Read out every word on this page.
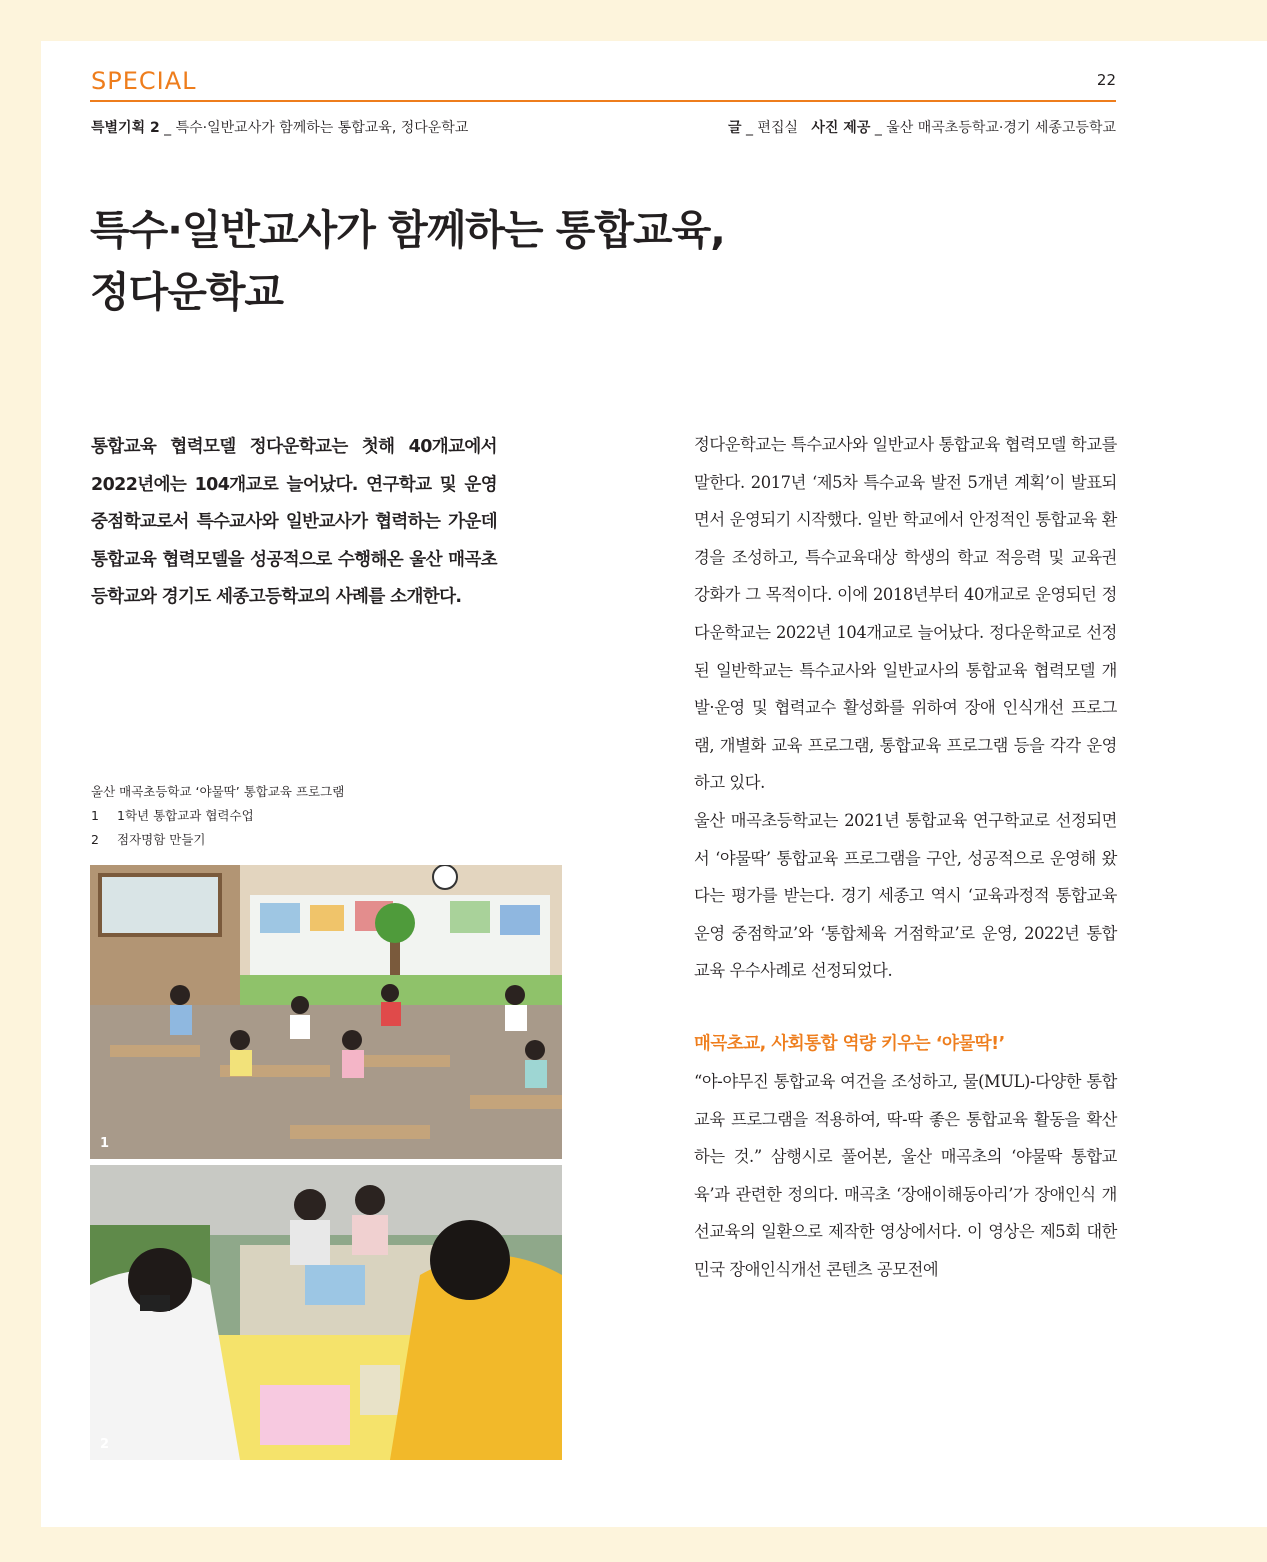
SPECIAL	22
특별기획 2 _ 특수·일반교사가 함께하는 통합교육, 정다운학교	글 _ 편집실 사진 제공 _ 울산 매곡초등학교·경기 세종고등학교
특수·일반교사가 함께하는 통합교육,
정다운학교

통합교육 협력모델 정다운학교는 첫해 40개교에서 2022년에는 104개교로 늘어났다. 연구학교 및 운영 중점학교로서 특수교사와 일반교사가 협력하는 가운데 통합교육 협력모델을 성공적으로 수행해온 울산 매곡초등학교와 경기도 세종고등학교의 사례를 소개한다.

울산 매곡초등학교 ‘야물딱’ 통합교육 프로그램
1	1학년 통합교과 협력수업
2	점자명함 만들기
1
2

정다운학교는 특수교사와 일반교사 통합교육 협력모델 학교를 말한다. 2017년 ‘제5차 특수교육 발전 5개년 계획’이 발표되면서 운영되기 시작했다. 일반 학교에서 안정적인 통합교육 환경을 조성하고, 특수교육대상 학생의 학교 적응력 및 교육권 강화가 그 목적이다. 이에 2018년부터 40개교로 운영되던 정다운학교는 2022년 104개교로 늘어났다. 정다운학교로 선정된 일반학교는 특수교사와 일반교사의 통합교육 협력모델 개발·운영 및 협력교수 활성화를 위하여 장애 인식개선 프로그램, 개별화 교육 프로그램, 통합교육 프로그램 등을 각각 운영하고 있다.

울산 매곡초등학교는 2021년 통합교육 연구학교로 선정되면서 ‘야물딱’ 통합교육 프로그램을 구안, 성공적으로 운영해 왔다는 평가를 받는다. 경기 세종고 역시 ‘교육과정적 통합교육 운영 중점학교’와 ‘통합체육 거점학교’로 운영, 2022년 통합교육 우수사례로 선정되었다.

매곡초교, 사회통합 역량 키우는 ‘야물딱!’

“야-야무진 통합교육 여건을 조성하고, 물(MUL)-다양한 통합교육 프로그램을 적용하여, 딱-딱 좋은 통합교육 활동을 확산하는 것.” 삼행시로 풀어본, 울산 매곡초의 ‘야물딱 통합교육’과 관련한 정의다. 매곡초 ‘장애이해동아리’가 장애인식 개선교육의 일환으로 제작한 영상에서다. 이 영상은 제5회 대한민국 장애인식개선 콘텐츠 공모전에
